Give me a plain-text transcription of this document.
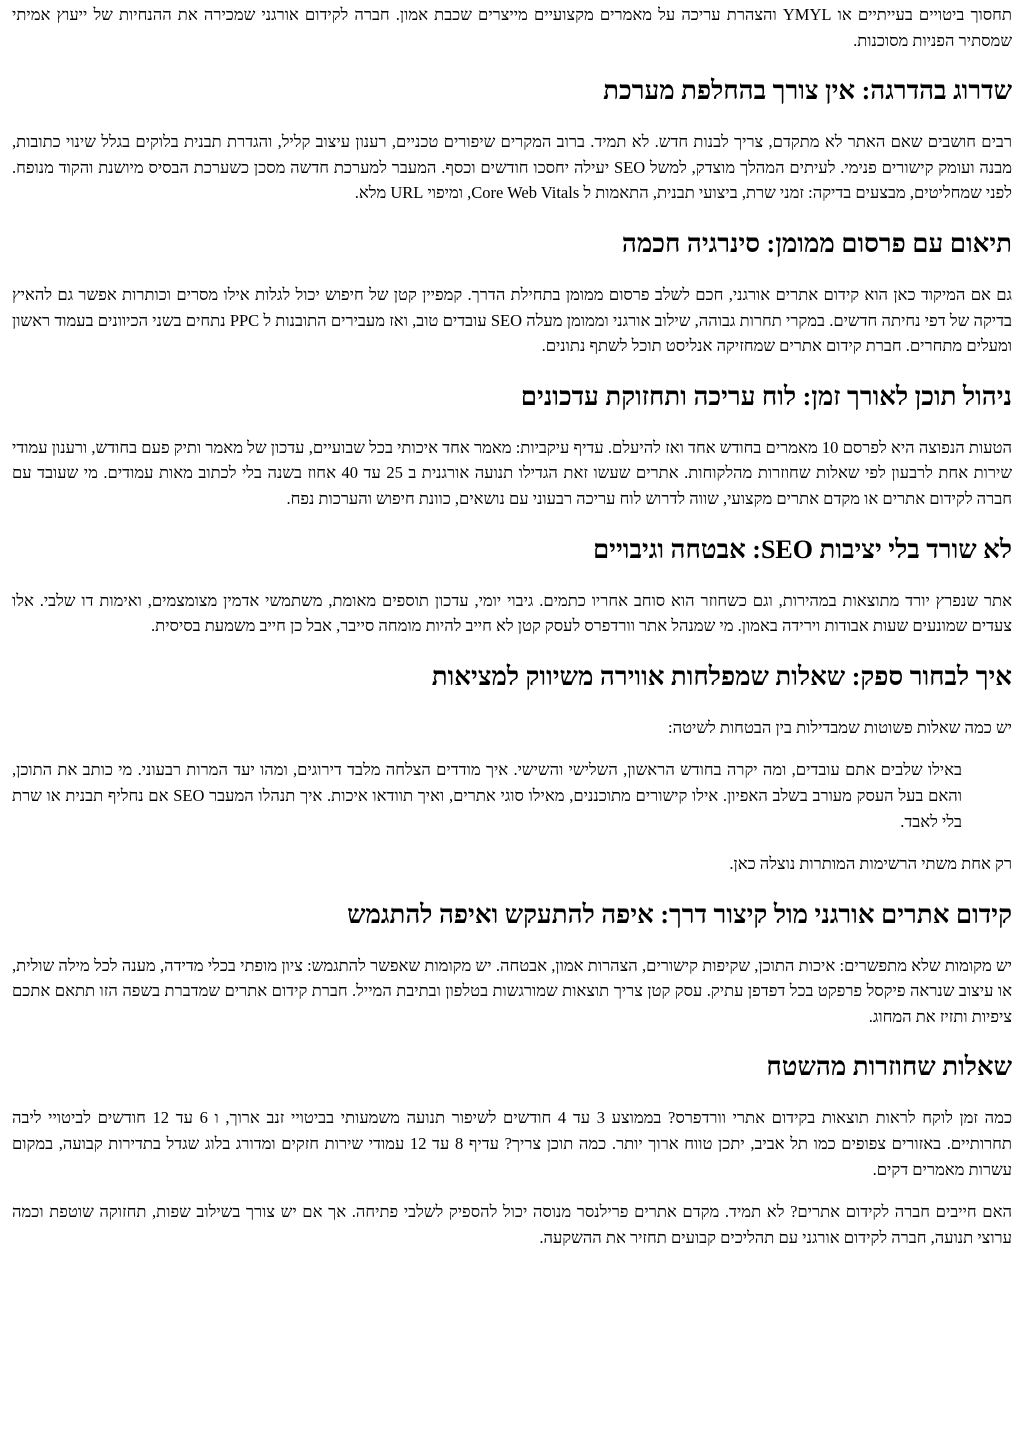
תחסוך ביטויים בעייתיים או YMYL והצהרת עריכה על מאמרים מקצועיים מייצרים שכבת אמון. חברה לקידום אורגני שמכירה את ההנחיות של ייעוץ אמיתי שמסתיר הפניות מסוכנות.

שדרוג בהדרגה: אין צורך בהחלפת מערכת

רבים חושבים שאם האתר לא מתקדם, צריך לבנות חדש. לא תמיד. ברוב המקרים שיפורים טכניים, רענון עיצוב קליל, והגדרת תבנית בלוקים בגלל שינוי כתובות, מבנה ועומק קישורים פנימי. לעיתים המהלך מוצדק, למשל SEO יעילה יחסכו חודשים וכסף. המעבר למערכת חדשה מסכן כשערכת הבסיס מיושנת והקוד מנופח. לפני שמחליטים, מבצעים בדיקה: זמני שרת, ביצועי תבנית, התאמות ל Core Web Vitals, ומיפוי URL מלא.

תיאום עם פרסום ממומן: סינרגיה חכמה

גם אם המיקוד כאן הוא קידום אתרים אורגני, חכם לשלב פרסום ממומן בתחילת הדרך. קמפיין קטן של חיפוש יכול לגלות אילו מסרים וכותרות אפשר גם להאיץ בדיקה של דפי נחיתה חדשים. במקרי תחרות גבוהה, שילוב אורגני וממומן מעלה SEO עובדים טוב, ואז מעבירים התובנות ל PPC נתחים בשני הכיוונים בעמוד ראשון ומעלים מתחרים. חברת קידום אתרים שמחזיקה אנליסט תוכל לשתף נתונים.

ניהול תוכן לאורך זמן: לוח עריכה ותחזוקת עדכונים

הטעות הנפוצה היא לפרסם 10 מאמרים בחודש אחד ואז להיעלם. עדיף עיקביות: מאמר אחד איכותי בכל שבועיים, עדכון של מאמר ותיק פעם בחודש, ורענון עמודי שירות אחת לרבעון לפי שאלות שחוזרות מהלקוחות. אתרים שעשו זאת הגדילו תנועה אורגנית ב 25 עד 40 אחוז בשנה בלי לכתוב מאות עמודים. מי שעובד עם חברה לקידום אתרים או מקדם אתרים מקצועי, שווה לדרוש לוח עריכה רבעוני עם נושאים, כוונת חיפוש והערכות נפח.

לא שורד בלי יציבות SEO: אבטחה וגיבויים

אתר שנפרץ יורד מתוצאות במהירות, וגם כשחוזר הוא סוחב אחריו כתמים. גיבוי יומי, עדכון תוספים מאומת, משתמשי אדמין מצומצמים, ואימות דו שלבי. אלו צעדים שמונעים שעות אבודות וירידה באמון. מי שמנהל אתר וורדפרס לעסק קטן לא חייב להיות מומחה סייבר, אבל כן חייב משמעת בסיסית.

איך לבחור ספק: שאלות שמפלחות אווירה משיווק למציאות

יש כמה שאלות פשוטות שמבדילות בין הבטחות לשיטה:

באילו שלבים אתם עובדים, ומה יקרה בחודש הראשון, השלישי והשישי. איך מודדים הצלחה מלבד דירוגים, ומהו יעד המרות רבעוני. מי כותב את התוכן, והאם בעל העסק מעורב בשלב האפיון. אילו קישורים מתוכננים, מאילו סוגי אתרים, ואיך תוודאו איכות. איך תנהלו המעבר SEO אם נחליף תבנית או שרת בלי לאבד.

רק אחת משתי הרשימות המותרות נוצלה כאן.

קידום אתרים אורגני מול קיצור דרך: איפה להתעקש ואיפה להתגמש

יש מקומות שלא מתפשרים: איכות התוכן, שקיפות קישורים, הצהרות אמון, אבטחה. יש מקומות שאפשר להתגמש: ציון מופתי בכלי מדידה, מענה לכל מילה שולית, או עיצוב שנראה פיקסל פרפקט בכל דפדפן עתיק. עסק קטן צריך תוצאות שמורגשות בטלפון ובתיבת המייל. חברת קידום אתרים שמדברת בשפה הזו תתאם אתכם ציפיות ותזיז את המחוג.

שאלות שחוזרות מהשטח

כמה זמן לוקח לראות תוצאות בקידום אתרי וורדפרס? בממוצע 3 עד 4 חודשים לשיפור תנועה משמעותי בביטויי זנב ארוך, ו 6 עד 12 חודשים לביטויי ליבה תחרותיים. באזורים צפופים כמו תל אביב, יתכן טווח ארוך יותר. כמה תוכן צריך? עדיף 8 עד 12 עמודי שירות חזקים ומדורג בלוג שגדל בתדירות קבועה, במקום עשרות מאמרים דקים.

האם חייבים חברה לקידום אתרים? לא תמיד. מקדם אתרים פרילנסר מנוסה יכול להספיק לשלבי פתיחה. אך אם יש צורך בשילוב שפות, תחזוקה שוטפת וכמה ערוצי תנועה, חברה לקידום אורגני עם תהליכים קבועים תחזיר את ההשקעה.
